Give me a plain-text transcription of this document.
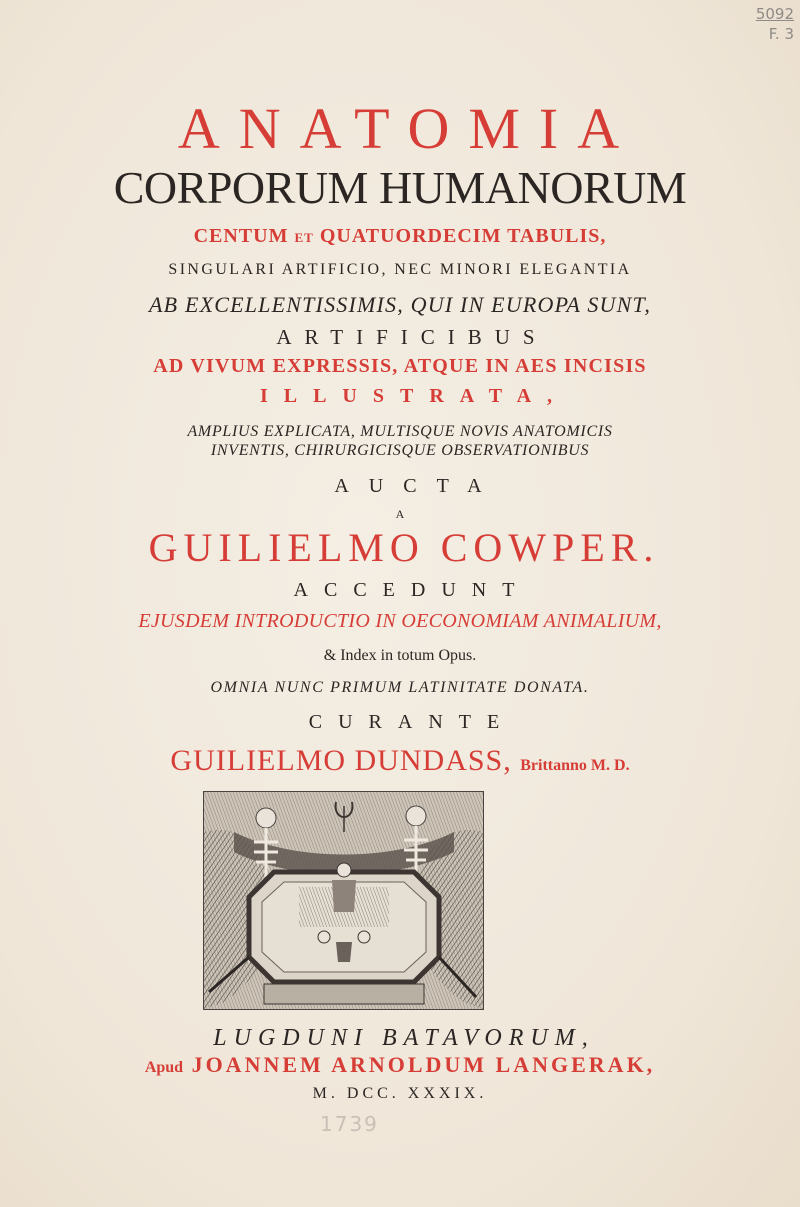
5092
F. 3
ANATOMIA
CORPORUM HUMANORUM
CENTUM ET QUATUORDECIM TABULIS,
SINGULARI ARTIFICIO, NEC MINORI ELEGANTIA
AB EXCELLENTISSIMIS, QUI IN EUROPA SUNT,
ARTIFICIBUS
AD VIVUM EXPRESSIS, ATQUE IN AES INCISIS
ILLUSTRATA,
AMPLIUS EXPLICATA, MULTISQUE NOVIS ANATOMICIS
INVENTIS, CHIRURGICISQUE OBSERVATIONIBUS
AUCTA
A
GUILIELMO COWPER.
ACCEDUNT
EJUSDEM INTRODUCTIO IN OECONOMIAM ANIMALIUM,
& Index in totum Opus.
OMNIA NUNC PRIMUM LATINITATE DONATA.
CURANTE
GUILIELMO DUNDASS, Brittanno M. D.
LUGDUNI BATAVORUM,
Apud JOANNEM ARNOLDUM LANGERAK,
M. DCC. XXXIX.
1739
